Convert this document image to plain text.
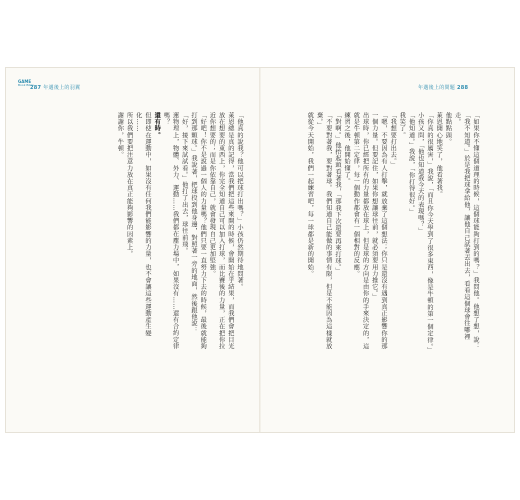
GAME
Book Bible
287 年邁後上的羽翼	年邁後上的問題 288

「他真的說我？他可以把球打出嗎？」小孩仍然期待地問著。

萊恩總是真的記得，當我們把這些來開的時候，會開始在乎結果，而我們會把目光放在想要的東西上，你完全知道自己可以加入打球，而比賽後的力量，正在把你拉近你想要的；而是你依靠自己，就會發現自己更加堅強。

「好吧！你不是說過一個人的力量嗎？他們只要一直努力下去的時候，最後就能夠打到那顆球。」我說著，把球投到他身邊，對照著一旁的地面，然後跟他說：「好，接下來試試看。」他打了出去，球往前飛。

運物理上，物體、外力、運動……我們都在塵力場中，如果沒有……還有合約定律嗎？

還有時。

但即使在運動中，如果沒有任何我們能影響的力量，也不會讓這些運動產生變化……

所以我們要把注意力放在真正能夠影響的因素上。

謝謝你，牛頓。	「如果你不懂這個道理的時候，這個球能夠打到的嗎？」我問他。他想了想，說：「我不知道。」於是我把球拿給他，讓他自己試著丟出去，看看這個球會往哪裡走。

他點點頭。

萊恩開心地笑了，他看著我。

「你真的很厲害，」我說，「而且你今天學到了很多東西，像是牛頓的第一個定律。」

小孩又問，「他也知道我今天的表現嗎？」

「他知道。」我說，「你打得很好。」

我笑了。

「我想要打出去。」

「嗯，不要因為有人打擊，就放棄了這個想法；你只是還沒有遇到真正影響你的那一個力量。但要記住，如果你想讓球往前，就必須要用力推它。」

出球時，你已經把所有的力量都放在球上，但是球的方向是由你的手來決定的，這就是牛頓第二定律，每一個動作都會有一個相對的反應。

練習之後，他開始懂了。

「對啊。」他抬起頭看著我，「那我下次還要再來打球。」

「不要對著我，要對著球。我們知道自己能做的事情有限，但是不能因為這樣就放棄。」

就從今天開始，我們一起練習吧，每一球都是新的開始。
